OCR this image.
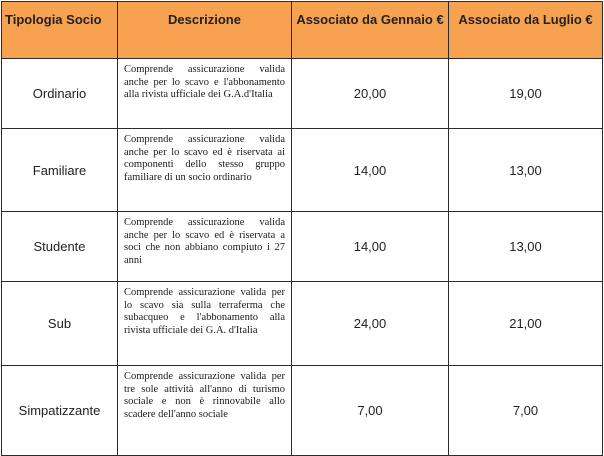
Tipologia Socio	Descrizione	Associato da Gennaio €	Associato da Luglio €
Ordinario	Comprende assicurazione valida anche per lo scavo e l'abbonamento alla rivista ufficiale dei G.A.d'Italia	20,00	19,00
Familiare	Comprende assicurazione valida anche per lo scavo ed è riservata ai componenti dello stesso gruppo familiare di un socio ordinario	14,00	13,00
Studente	Comprende assicurazione valida anche per lo scavo ed è riservata a soci che non abbiano compiuto i 27 anni	14,00	13,00
Sub	Comprende assicurazione valida per lo scavo sia sulla terraferma che subacqueo e l'abbonamento alla rivista ufficiale dei G.A. d'Italia	24,00	21,00
Simpatizzante	Comprende assicurazione valida per tre sole attività all'anno di turismo sociale e non è rinnovabile allo scadere dell'anno sociale	7,00	7,00
